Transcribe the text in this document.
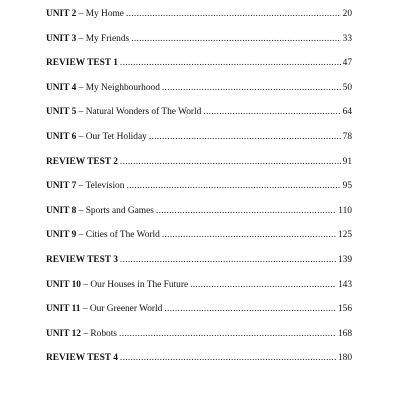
UNIT 2 – My Home .....	20
UNIT 3 – My Friends .....	33
REVIEW TEST 1 .....	47
UNIT 4 – My Neighbourhood .....	50
UNIT 5 – Natural Wonders of The World .....	64
UNIT 6 – Our Tet Holiday .....	78
REVIEW TEST 2 .....	91
UNIT 7 – Television .....	95
UNIT 8 – Sports and Games .....	110
UNIT 9 – Cities of The World .....	125
REVIEW TEST 3 .....	139
UNIT 10 – Our Houses in The Future .....	143
UNIT 11 – Our Greener World .....	156
UNIT 12 – Robots .....	168
REVIEW TEST 4 .....	180
